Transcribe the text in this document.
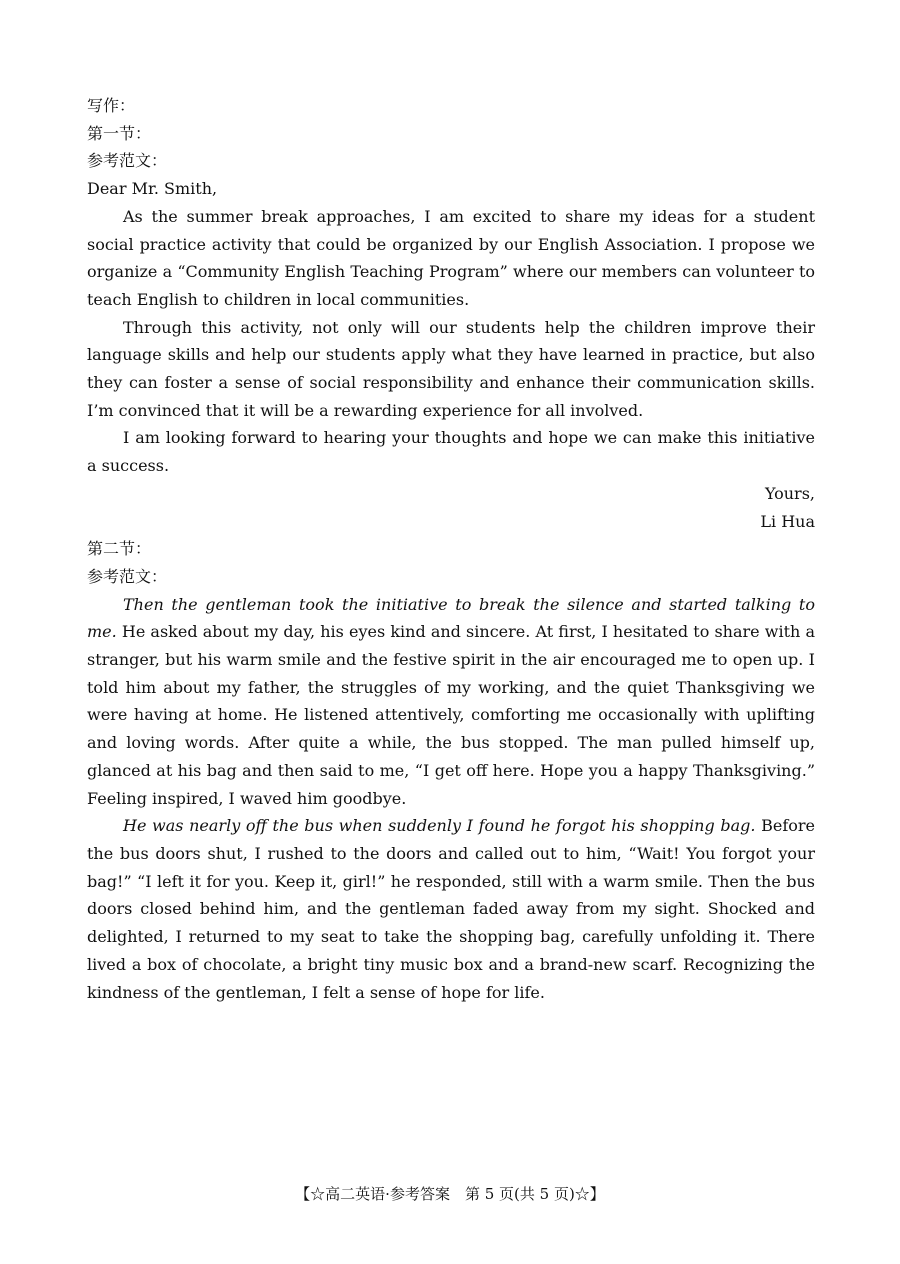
写作：

第一节：

参考范文：

Dear Mr. Smith,

As the summer break approaches, I am excited to share my ideas for a student social practice activity that could be organized by our English Association. I propose we organize a “Community English Teaching Program” where our members can volunteer to teach English to children in local communities.

Through this activity, not only will our students help the children improve their language skills and help our students apply what they have learned in practice, but also they can foster a sense of social responsibility and enhance their communication skills. I’m convinced that it will be a rewarding experience for all involved.

I am looking forward to hearing your thoughts and hope we can make this initiative a success.

Yours,

Li Hua

第二节：

参考范文：

Then the gentleman took the initiative to break the silence and started talking to me. He asked about my day, his eyes kind and sincere. At first, I hesitated to share with a stranger, but his warm smile and the festive spirit in the air encouraged me to open up. I told him about my father, the struggles of my working, and the quiet Thanksgiving we were having at home. He listened attentively, comforting me occasionally with uplifting and loving words. After quite a while, the bus stopped. The man pulled himself up, glanced at his bag and then said to me, “I get off here. Hope you a happy Thanksgiving.” Feeling inspired, I waved him goodbye.

He was nearly off the bus when suddenly I found he forgot his shopping bag. Before the bus doors shut, I rushed to the doors and called out to him, “Wait! You forgot your bag!” “I left it for you. Keep it, girl!” he responded, still with a warm smile. Then the bus doors closed behind him, and the gentleman faded away from my sight. Shocked and delighted, I returned to my seat to take the shopping bag, carefully unfolding it. There lived a box of chocolate, a bright tiny music box and a brand-new scarf. Recognizing the kindness of the gentleman, I felt a sense of hope for life.

【☆高二英语·参考答案　第 5 页(共 5 页)☆】
